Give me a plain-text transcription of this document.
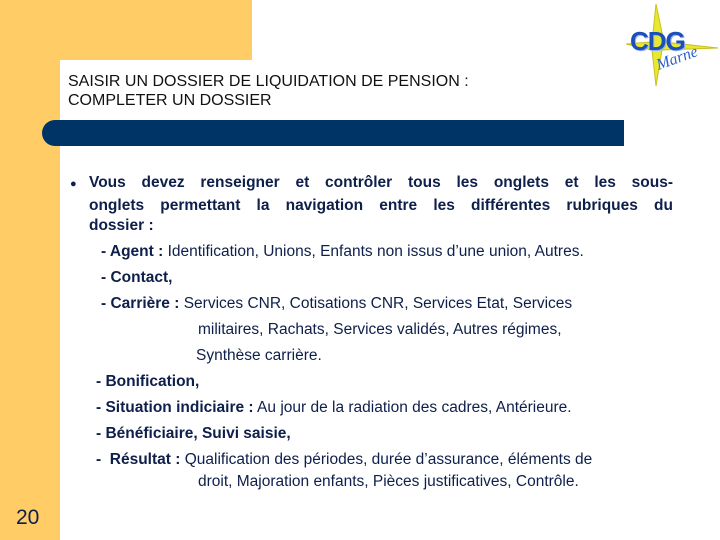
CDG
Marne
SAISIR UN DOSSIER DE LIQUIDATION DE PENSION :
COMPLETER UN DOSSIER
● Vous devez renseigner et contrôler tous les onglets et les sous-
onglets permettant la navigation entre les différentes rubriques du
dossier :
- Agent : Identification, Unions, Enfants non issus d’une union, Autres.
- Contact,
- Carrière : Services CNR, Cotisations CNR, Services Etat, Services
militaires, Rachats, Services validés, Autres régimes,
Synthèse carrière.
- Bonification,
- Situation indiciaire : Au jour de la radiation des cadres, Antérieure.
- Bénéficiaire, Suivi saisie,
-  Résultat : Qualification des périodes, durée d’assurance, éléments de
droit, Majoration enfants, Pièces justificatives, Contrôle.
20
